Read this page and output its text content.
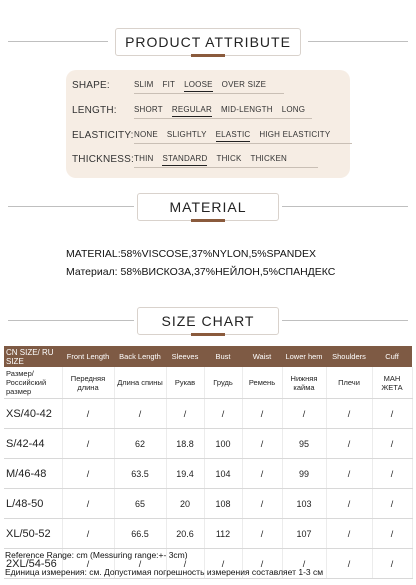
PRODUCT ATTRIBUTE
SHAPE:	SLIM FIT LOOSE OVER SIZE
LENGTH:	SHORT REGULAR MID-LENGTH LONG
ELASTICITY: NONE SLIGHTLY ELASTIC HIGH ELASTICITY
THICKNESS: THIN STANDARD THICK THICKEN
MATERIAL
MATERIAL:58%VISCOSE,37%NYLON,5%SPANDEX
Материал: 58%ВИСКОЗА,37%НЕЙЛОН,5%СПАНДЕКС
SIZE CHART
CN SIZE/ RU SIZE	Front Length	Back Length	Sleeves	Bust	Waist	Lower hem	Shoulders	Cuff
Размер/ Российский размер	Передняя длина	Длина спины	Рукав	Грудь	Ремень	Нижняя кайма	Плечи	МАН ЖЕТА
XS/40-42	/	/	/	/	/	/	/	/
S/42-44	/	62	18.8	100	/	95	/	/
M/46-48	/	63.5	19.4	104	/	99	/	/
L/48-50	/	65	20	108	/	103	/	/
XL/50-52	/	66.5	20.6	112	/	107	/	/
2XL/54-56	/	/	/	/	/	/	/	/
Reference Range: cm (Messuring range:+- 3cm)
Единица измерения: см. Допустимая погрешность измерения составляет 1-3 см
